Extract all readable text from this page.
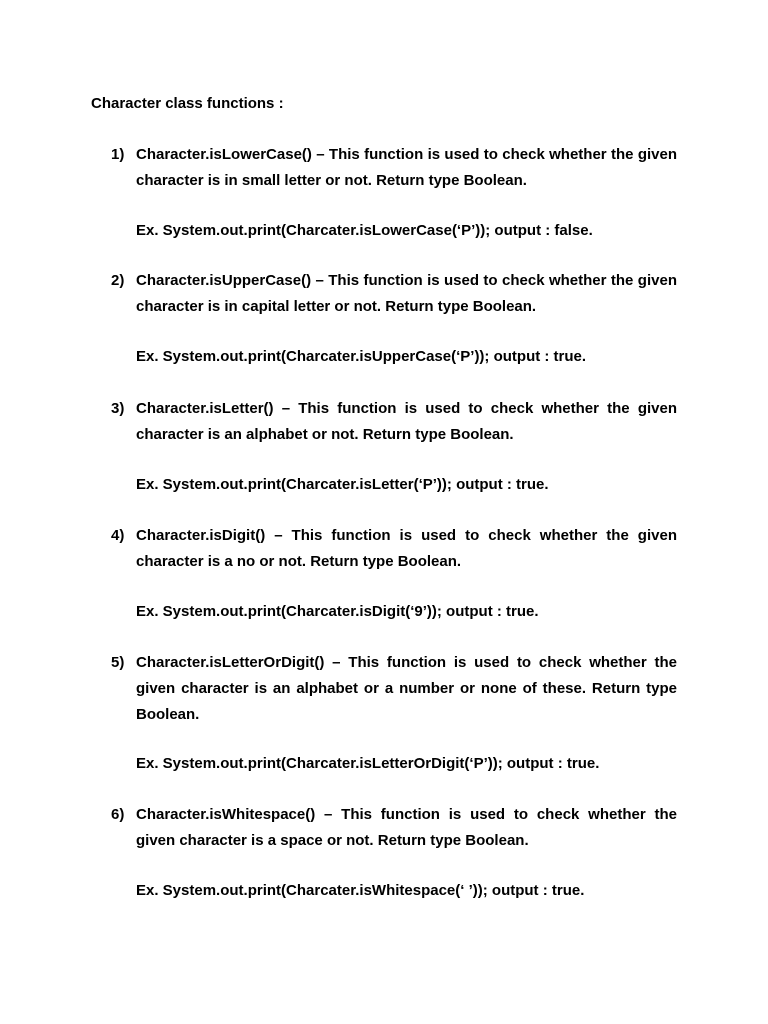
Character class functions :
1) Character.isLowerCase() – This function is used to check whether the given character is in small letter or not. Return type Boolean.
Ex. System.out.print(Charcater.isLowerCase(‘P’)); output : false.
2) Character.isUpperCase() – This function is used to check whether the given character is in capital letter or not. Return type Boolean.
Ex. System.out.print(Charcater.isUpperCase(‘P’)); output : true.
3) Character.isLetter() – This function is used to check whether the given character is an alphabet or not. Return type Boolean.
Ex. System.out.print(Charcater.isLetter(‘P’)); output : true.
4) Character.isDigit() – This function is used to check whether the given character is a no or not. Return type Boolean.
Ex. System.out.print(Charcater.isDigit(‘9’)); output : true.
5) Character.isLetterOrDigit() – This function is used to check whether the given character is an alphabet or a number or none of these. Return type Boolean.
Ex. System.out.print(Charcater.isLetterOrDigit(‘P’)); output : true.
6) Character.isWhitespace() – This function is used to check whether the given character is a space or not. Return type Boolean.
Ex. System.out.print(Charcater.isWhitespace(‘ ’)); output : true.
